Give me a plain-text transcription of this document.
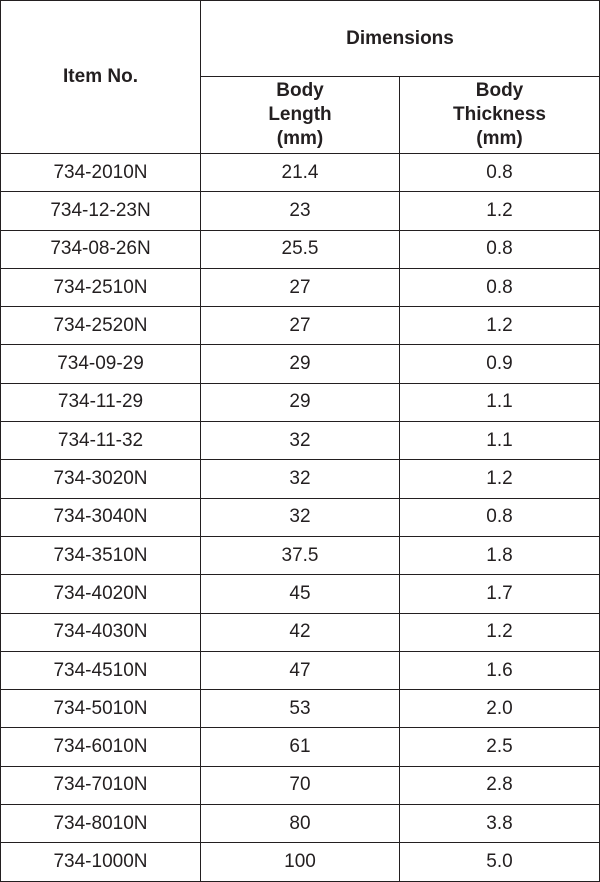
Item No.	Dimensions	

	Body
Length
(mm)	Body
Thickness
(mm)

734-2010N	21.4	0.8
734-12-23N	23	1.2
734-08-26N	25.5	0.8
734-2510N	27	0.8
734-2520N	27	1.2
734-09-29	29	0.9
734-11-29	29	1.1
734-11-32	32	1.1
734-3020N	32	1.2
734-3040N	32	0.8
734-3510N	37.5	1.8
734-4020N	45	1.7
734-4030N	42	1.2
734-4510N	47	1.6
734-5010N	53	2.0
734-6010N	61	2.5
734-7010N	70	2.8
734-8010N	80	3.8
734-1000N	100	5.0
